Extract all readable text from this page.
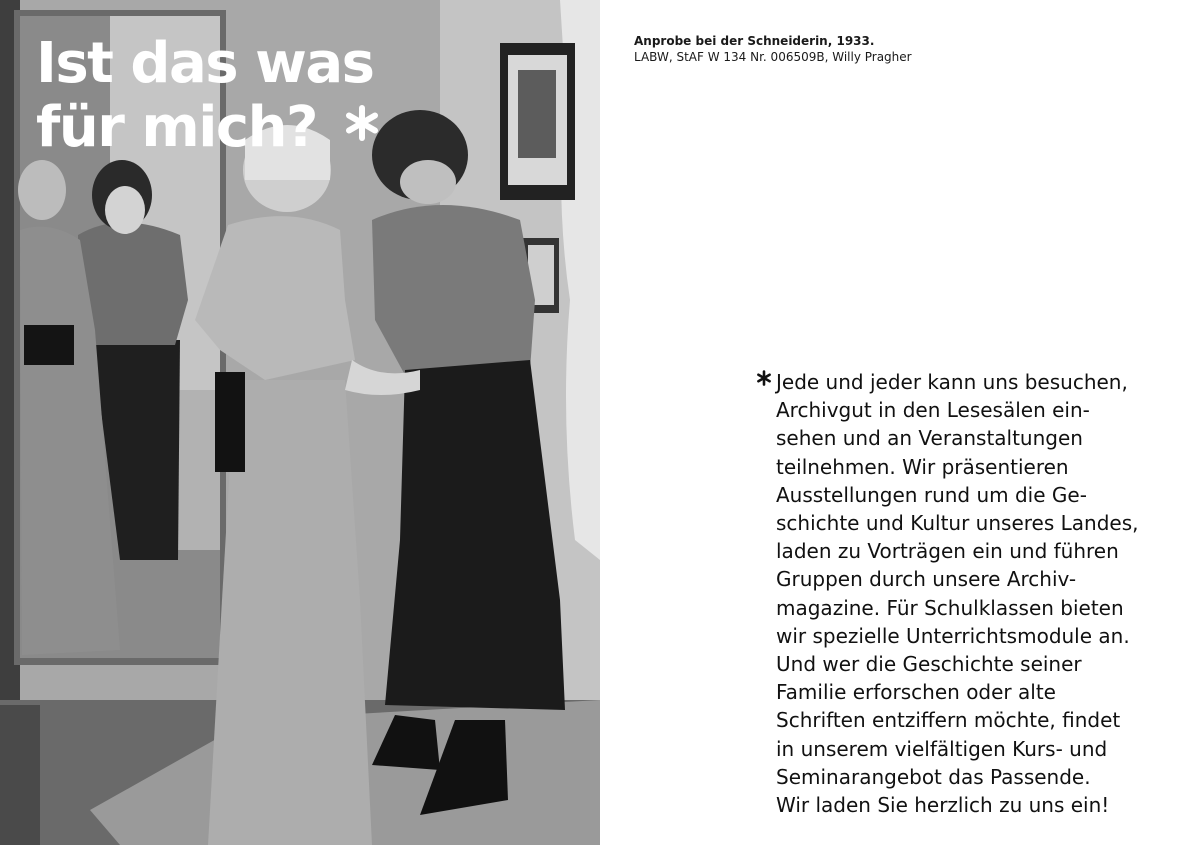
Ist das was
für mich?
Anprobe bei der Schneiderin, 1933.
LABW, StAF W 134 Nr. 006509B, Willy Pragher
Jede und jeder kann uns besuchen,
Archivgut in den Lesesälen ein-
sehen und an Veranstaltungen
teilnehmen. Wir präsentieren
Ausstellungen rund um die Ge-
schichte und Kultur unseres Landes,
laden zu Vorträgen ein und führen
Gruppen durch unsere Archiv-
magazine. Für Schulklassen bieten
wir spezielle Unterrichtsmodule an.
Und wer die Geschichte seiner
Familie erforschen oder alte
Schriften entziffern möchte, findet
in unserem vielfältigen Kurs- und
Seminarangebot das Passende.
Wir laden Sie herzlich zu uns ein!
